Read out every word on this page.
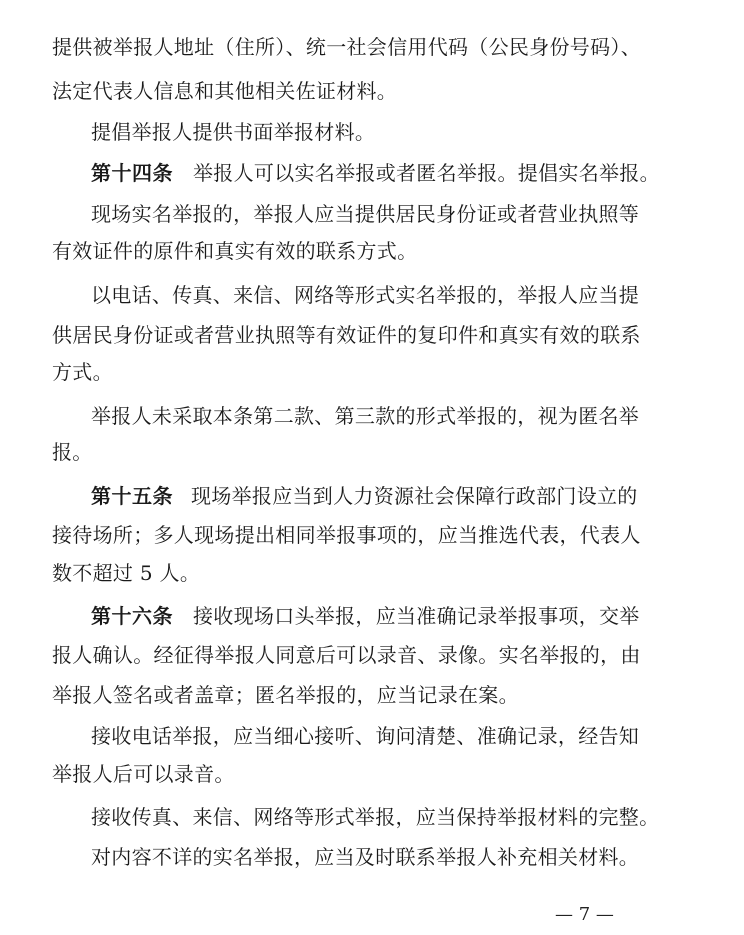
提供被举报人地址（住所）、统一社会信用代码（公民身份号码）、
法定代表人信息和其他相关佐证材料。
提倡举报人提供书面举报材料。
第十四条 举报人可以实名举报或者匿名举报。提倡实名举报。
现场实名举报的，举报人应当提供居民身份证或者营业执照等
有效证件的原件和真实有效的联系方式。
以电话、传真、来信、网络等形式实名举报的，举报人应当提
供居民身份证或者营业执照等有效证件的复印件和真实有效的联系
方式。
举报人未采取本条第二款、第三款的形式举报的，视为匿名举
报。
第十五条 现场举报应当到人力资源社会保障行政部门设立的
接待场所；多人现场提出相同举报事项的，应当推选代表，代表人
数不超过 5 人。
第十六条 接收现场口头举报，应当准确记录举报事项，交举
报人确认。经征得举报人同意后可以录音、录像。实名举报的，由
举报人签名或者盖章；匿名举报的，应当记录在案。
接收电话举报，应当细心接听、询问清楚、准确记录，经告知
举报人后可以录音。
接收传真、来信、网络等形式举报，应当保持举报材料的完整。
对内容不详的实名举报，应当及时联系举报人补充相关材料。
— 7 —
